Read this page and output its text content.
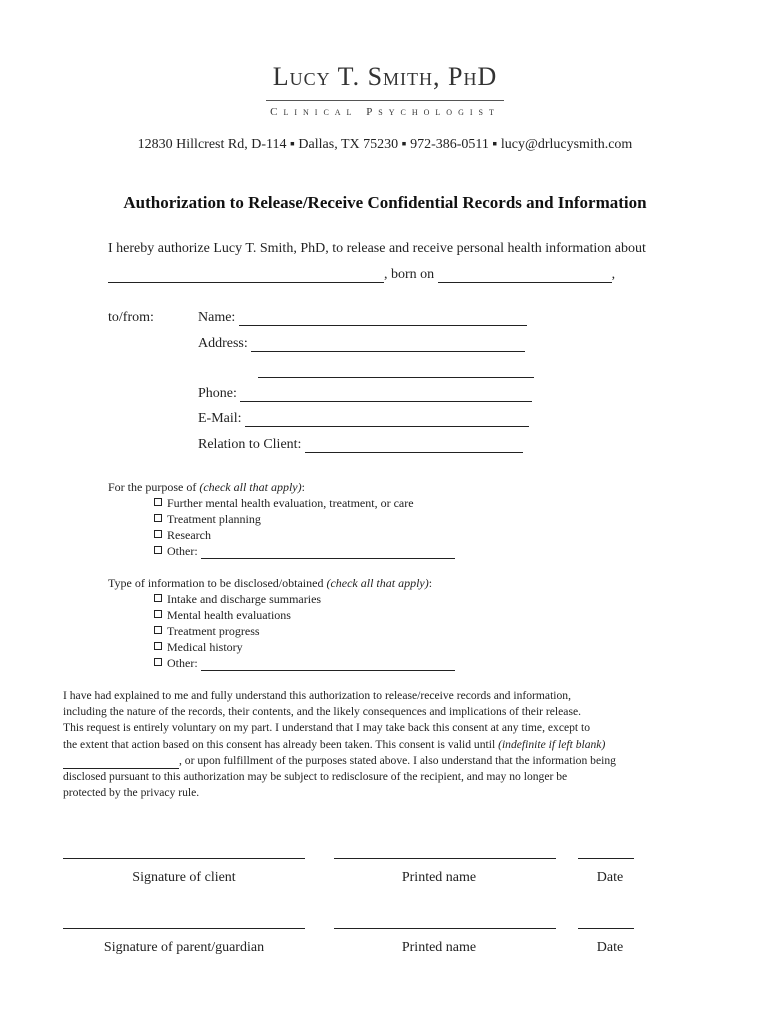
Lucy T. Smith, PhD
Clinical Psychologist
12830 Hillcrest Rd, D-114 ▪ Dallas, TX 75230 ▪ 972-386-0511 ▪ lucy@drlucysmith.com
Authorization to Release/Receive Confidential Records and Information
I hereby authorize Lucy T. Smith, PhD, to release and receive personal health information about
, born on	,
to/from:	Name:
Address:
Phone:
E-Mail:
Relation to Client:
For the purpose of (check all that apply):
Further mental health evaluation, treatment, or care
Treatment planning
Research
Other:
Type of information to be disclosed/obtained (check all that apply):
Intake and discharge summaries
Mental health evaluations
Treatment progress
Medical history
Other:
I have had explained to me and fully understand this authorization to release/receive records and information,
including the nature of the records, their contents, and the likely consequences and implications of their release.
This request is entirely voluntary on my part. I understand that I may take back this consent at any time, except to
the extent that action based on this consent has already been taken. This consent is valid until (indefinite if left blank)
, or upon fulfillment of the purposes stated above. I also understand that the information being
disclosed pursuant to this authorization may be subject to redisclosure of the recipient, and may no longer be
protected by the privacy rule.
Signature of client	Printed name	Date
Signature of parent/guardian	Printed name	Date
